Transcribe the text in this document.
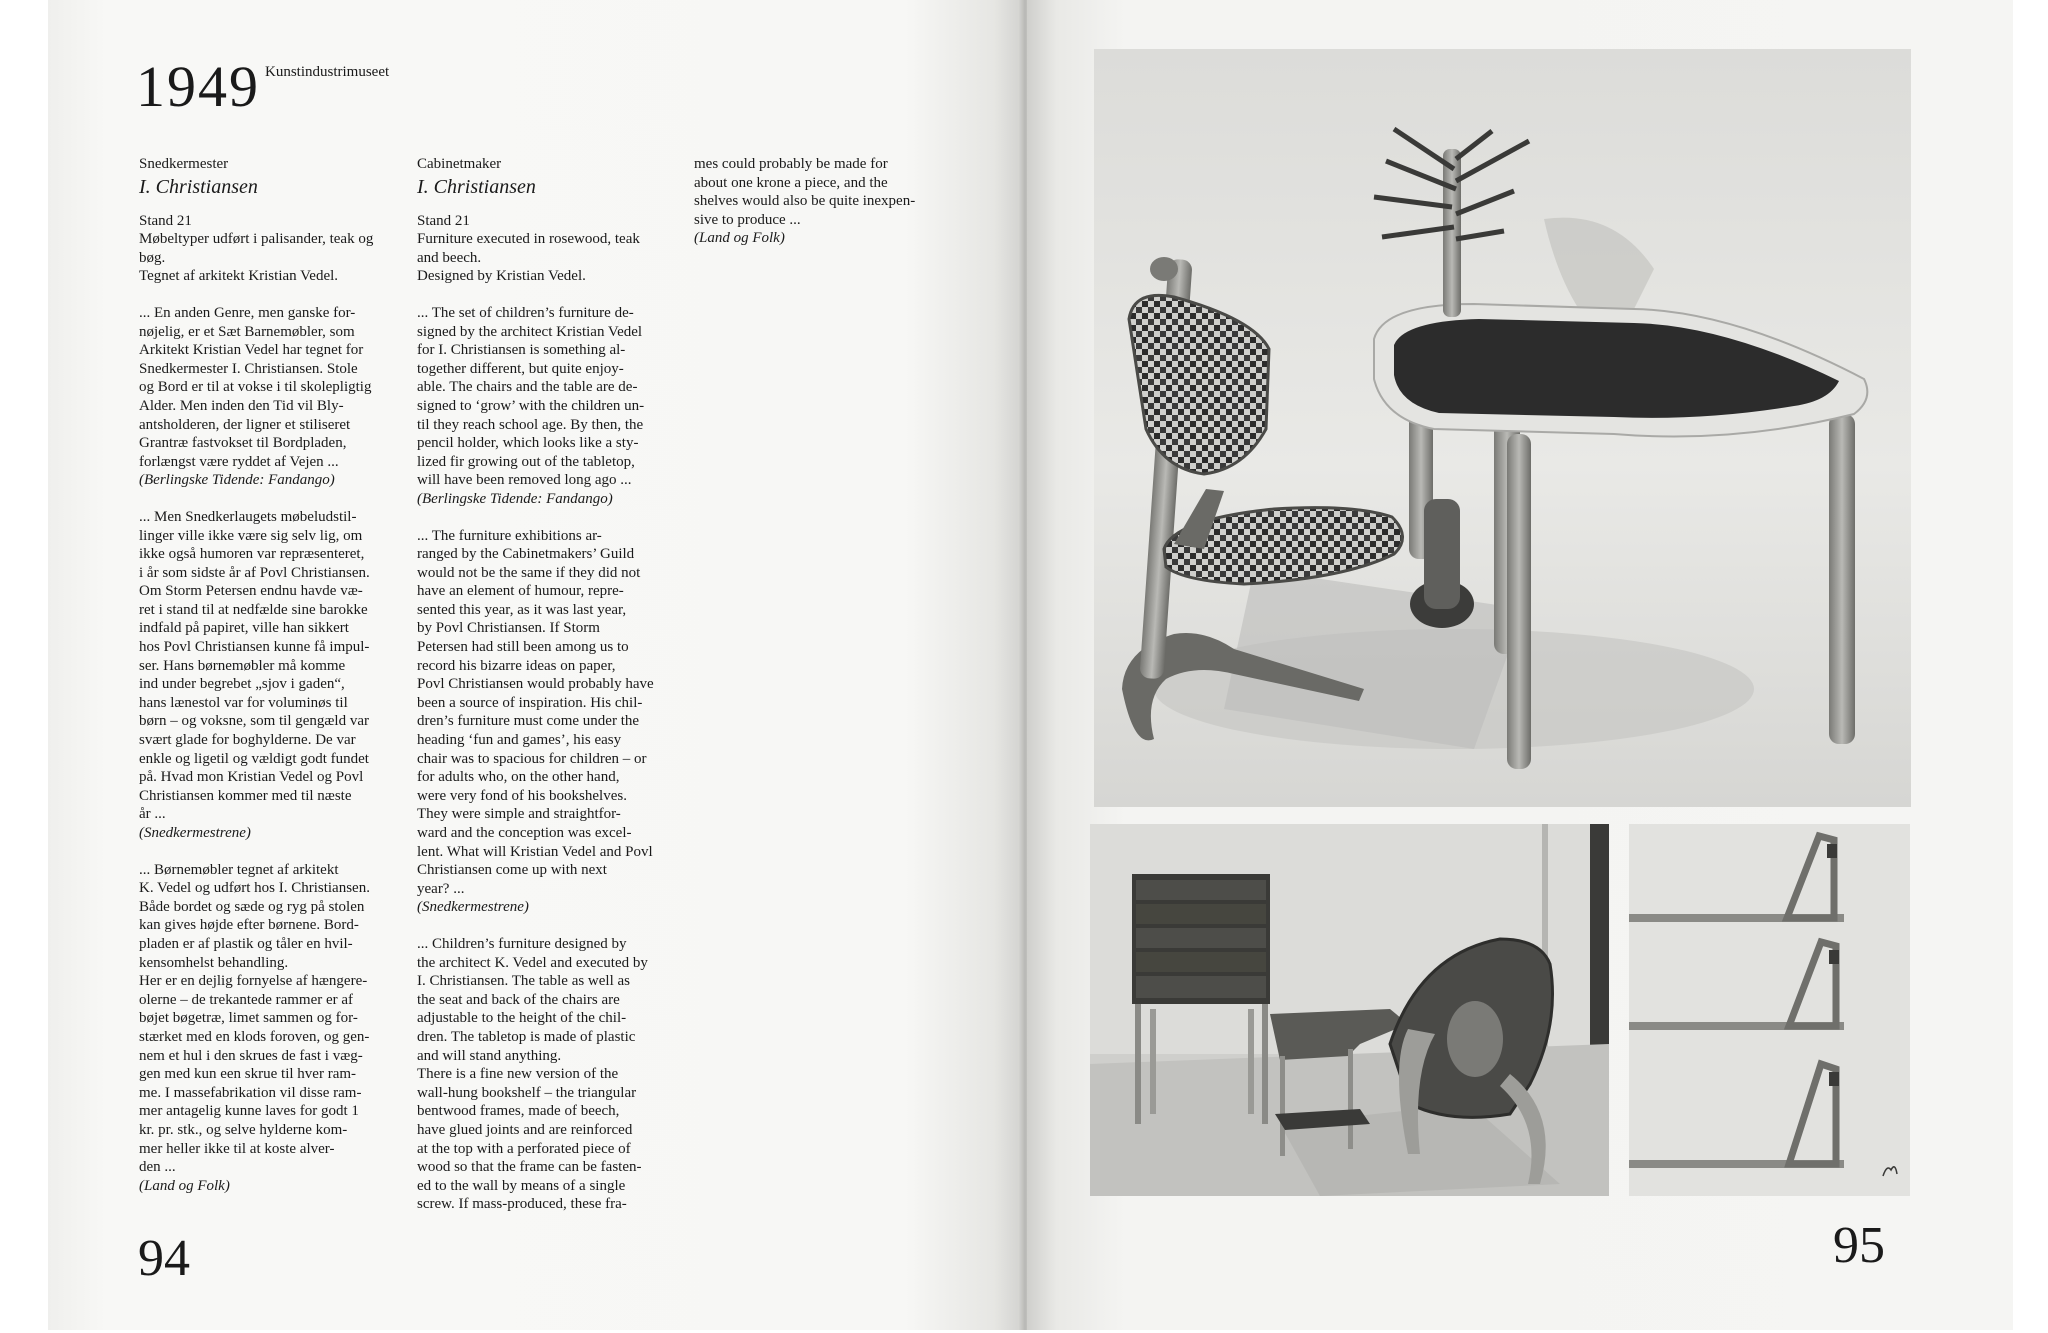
1949 Kunstindustrimuseet
Snedkermester
I. Christiansen
Stand 21
Møbeltyper udført i palisander, teak og bøg.

Tegnet af arkitekt Kristian Vedel.

... En anden Genre, men ganske for-
nøjelig, er et Sæt Barnemøbler, som
Arkitekt Kristian Vedel har tegnet for
Snedkermester I. Christiansen. Stole
og Bord er til at vokse i til skolepligtig
Alder. Men inden den Tid vil Bly-
antsholderen, der ligner et stiliseret
Grantræ fastvokset til Bordpladen,
forlængst være ryddet af Vejen ...

(Berlingske Tidende: Fandango)

... Men Snedkerlaugets møbeludstil-
linger ville ikke være sig selv lig, om
ikke også humoren var repræsenteret,
i år som sidste år af Povl Christiansen.
Om Storm Petersen endnu havde væ-
ret i stand til at nedfælde sine barokke
indfald på papiret, ville han sikkert
hos Povl Christiansen kunne få impul-
ser. Hans børnemøbler må komme
ind under begrebet „sjov i gaden“,
hans lænestol var for voluminøs til
børn – og voksne, som til gengæld var
svært glade for boghylderne. De var
enkle og ligetil og vældigt godt fundet
på. Hvad mon Kristian Vedel og Povl
Christiansen kommer med til næste
år ...

(Snedkermestrene)

... Børnemøbler tegnet af arkitekt
K. Vedel og udført hos I. Christiansen.
Både bordet og sæde og ryg på stolen
kan gives højde efter børnene. Bord-
pladen er af plastik og tåler en hvil-
kensomhelst behandling.
Her er en dejlig fornyelse af hængere-
olerne – de trekantede rammer er af
bøjet bøgetræ, limet sammen og for-
stærket med en klods foroven, og gen-
nem et hul i den skrues de fast i væg-
gen med kun een skrue til hver ram-
me. I massefabrikation vil disse ram-
mer antagelig kunne laves for godt 1
kr. pr. stk., og selve hylderne kom-
mer heller ikke til at koste alver-
den ...

(Land og Folk)

Cabinetmaker
I. Christiansen
Stand 21
Furniture executed in rosewood, teak and beech.

Designed by Kristian Vedel.

... The set of children’s furniture de-
signed by the architect Kristian Vedel
for I. Christiansen is something al-
together different, but quite enjoy-
able. The chairs and the table are de-
signed to ‘grow’ with the children un-
til they reach school age. By then, the
pencil holder, which looks like a sty-
lized fir growing out of the tabletop,
will have been removed long ago ...

(Berlingske Tidende: Fandango)

... The furniture exhibitions ar-
ranged by the Cabinetmakers’ Guild
would not be the same if they did not
have an element of humour, repre-
sented this year, as it was last year,
by Povl Christiansen. If Storm
Petersen had still been among us to
record his bizarre ideas on paper,
Povl Christiansen would probably have
been a source of inspiration. His chil-
dren’s furniture must come under the
heading ‘fun and games’, his easy
chair was to spacious for children – or
for adults who, on the other hand,
were very fond of his bookshelves.
They were simple and straightfor-
ward and the conception was excel-
lent. What will Kristian Vedel and Povl
Christiansen come up with next
year? ...

(Snedkermestrene)

... Children’s furniture designed by
the architect K. Vedel and executed by
I. Christiansen. The table as well as
the seat and back of the chairs are
adjustable to the height of the chil-
dren. The tabletop is made of plastic
and will stand anything.
There is a fine new version of the
wall-hung bookshelf – the triangular
bentwood frames, made of beech,
have glued joints and are reinforced
at the top with a perforated piece of
wood so that the frame can be fasten-
ed to the wall by means of a single
screw. If mass-produced, these fra-

mes could probably be made for
about one krone a piece, and the
shelves would also be quite inexpen-
sive to produce ...

(Land og Folk)

94	95
